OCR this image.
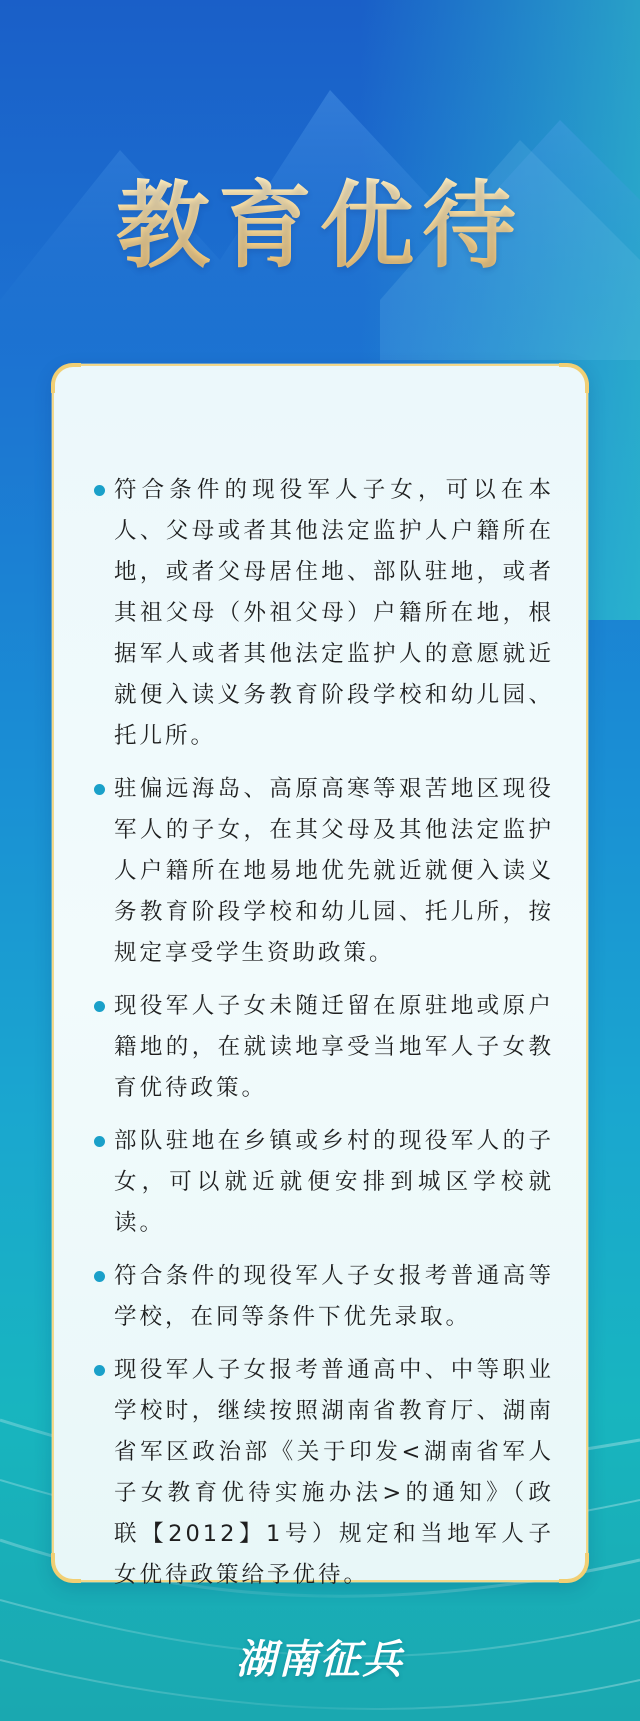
教育优待
符合条件的现役军人子女，可以在本人、父母或者其他法定监护人户籍所在地，或者父母居住地、部队驻地，或者其祖父母（外祖父母）户籍所在地，根据军人或者其他法定监护人的意愿就近就便入读义务教育阶段学校和幼儿园、托儿所。
驻偏远海岛、高原高寒等艰苦地区现役军人的子女，在其父母及其他法定监护人户籍所在地易地优先就近就便入读义务教育阶段学校和幼儿园、托儿所，按规定享受学生资助政策。
现役军人子女未随迁留在原驻地或原户籍地的，在就读地享受当地军人子女教育优待政策。
部队驻地在乡镇或乡村的现役军人的子女，可以就近就便安排到城区学校就读。
符合条件的现役军人子女报考普通高等学校，在同等条件下优先录取。
现役军人子女报考普通高中、中等职业学校时，继续按照湖南省教育厅、湖南省军区政治部《关于印发<湖南省军人子女教育优待实施办法>的通知》（政联【2012】1号）规定和当地军人子女优待政策给予优待。
湖南征兵
